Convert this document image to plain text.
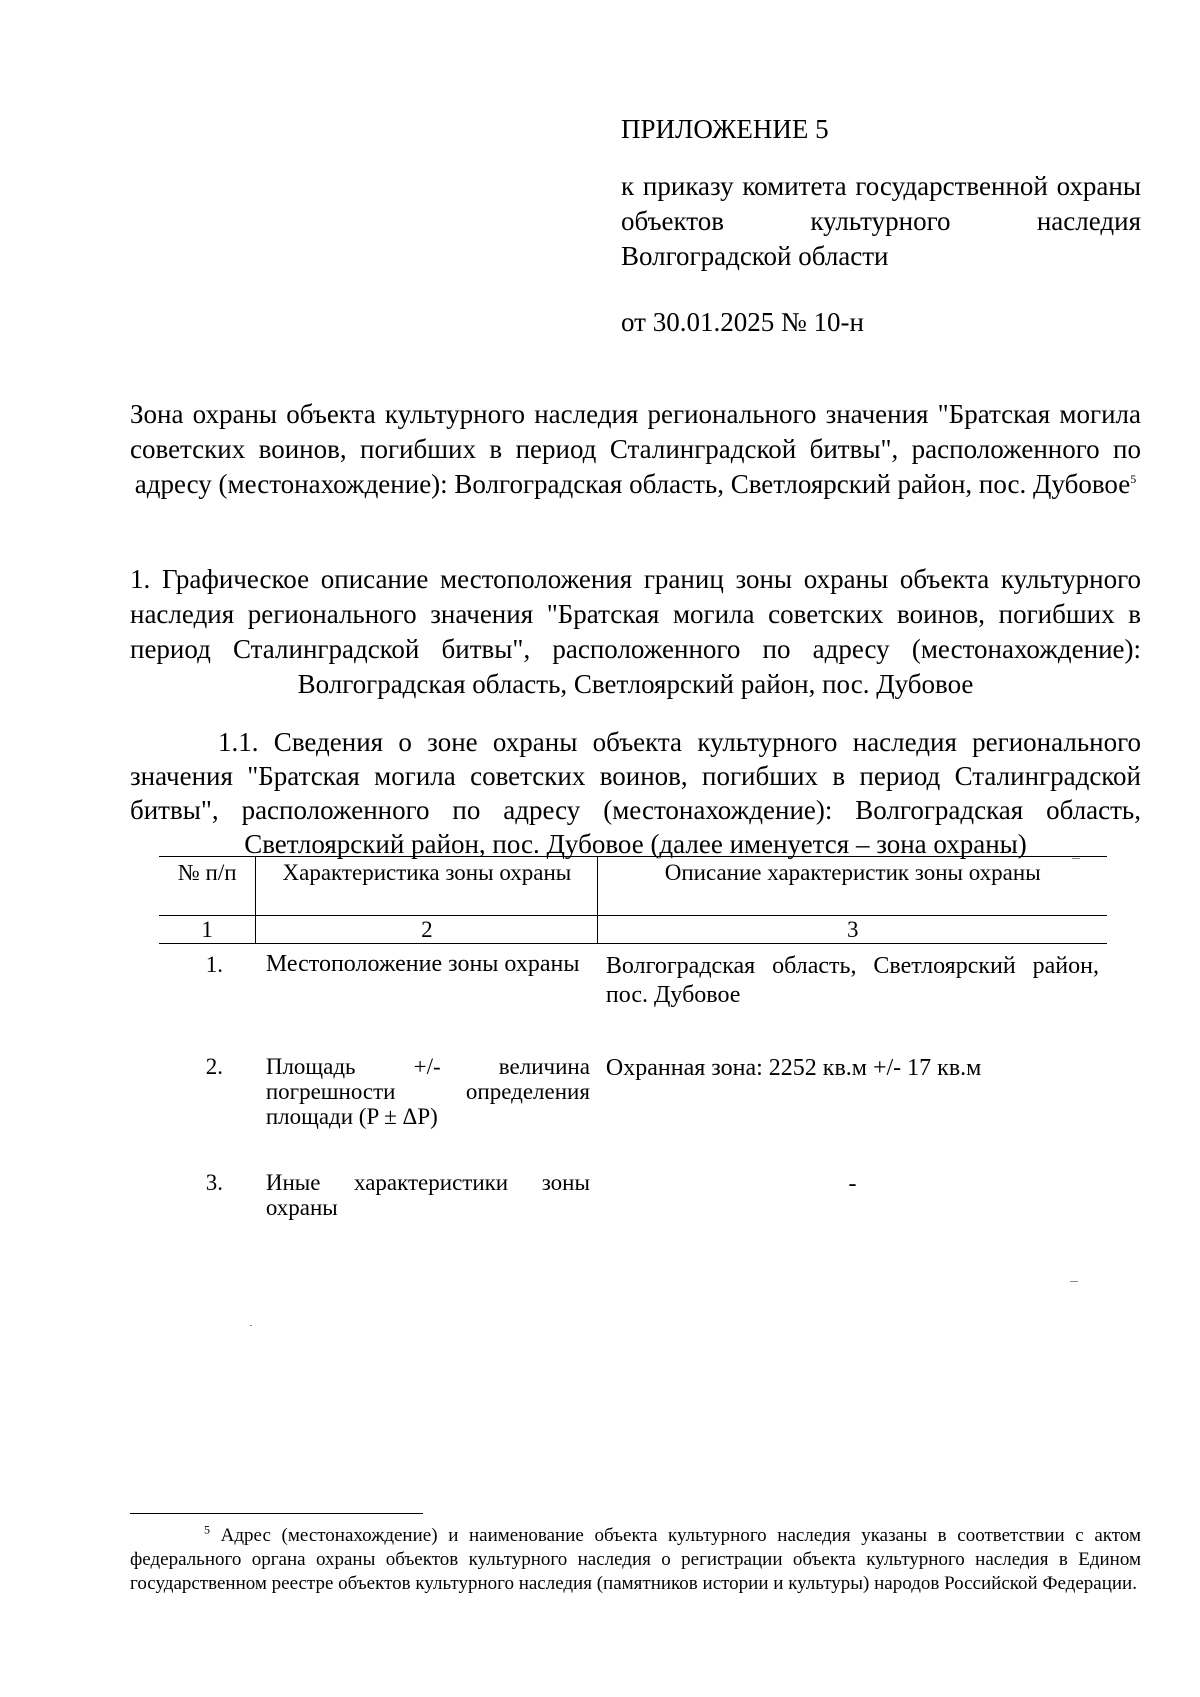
ПРИЛОЖЕНИЕ 5

к приказу комитета государственной охраны объектов культурного наследия Волгоградской области

от 30.01.2025 № 10-н

Зона охраны объекта культурного наследия регионального значения "Братская могила советских воинов, погибших в период Сталинградской битвы", расположенного по адресу (местонахождение): Волгоградская область, Светлоярский район, пос. Дубовое$^5$
1. Графическое описание местоположения границ зоны охраны объекта культурного наследия регионального значения "Братская могила советских воинов, погибших в период Сталинградской битвы", расположенного по адресу (местонахождение): Волгоградская область, Светлоярский район, пос. Дубовое
1.1. Сведения о зоне охраны объекта культурного наследия регионального значения "Братская могила советских воинов, погибших в период Сталинградской битвы", расположенного по адресу (местонахождение): Волгоградская область, Светлоярский район, пос. Дубовое (далее именуется – зона охраны)
№ п/п	Характеристика зоны охраны	Описание характеристик зоны охраны
1	2	3
1.	Местоположение зоны охраны	Волгоградская область, Светлоярский район, пос. Дубовое
2.	Площадь +/- величина погрешности определения площади (P ± ΔP)	Охранная зона: 2252 кв.м +/- 17 кв.м
3.	Иные характеристики зоны охраны	-
$^5$ Адрес (местонахождение) и наименование объекта культурного наследия указаны в соответствии с актом федерального органа охраны объектов культурного наследия о регистрации объекта культурного наследия в Едином государственном реестре объектов культурного наследия (памятников истории и культуры) народов Российской Федерации.
